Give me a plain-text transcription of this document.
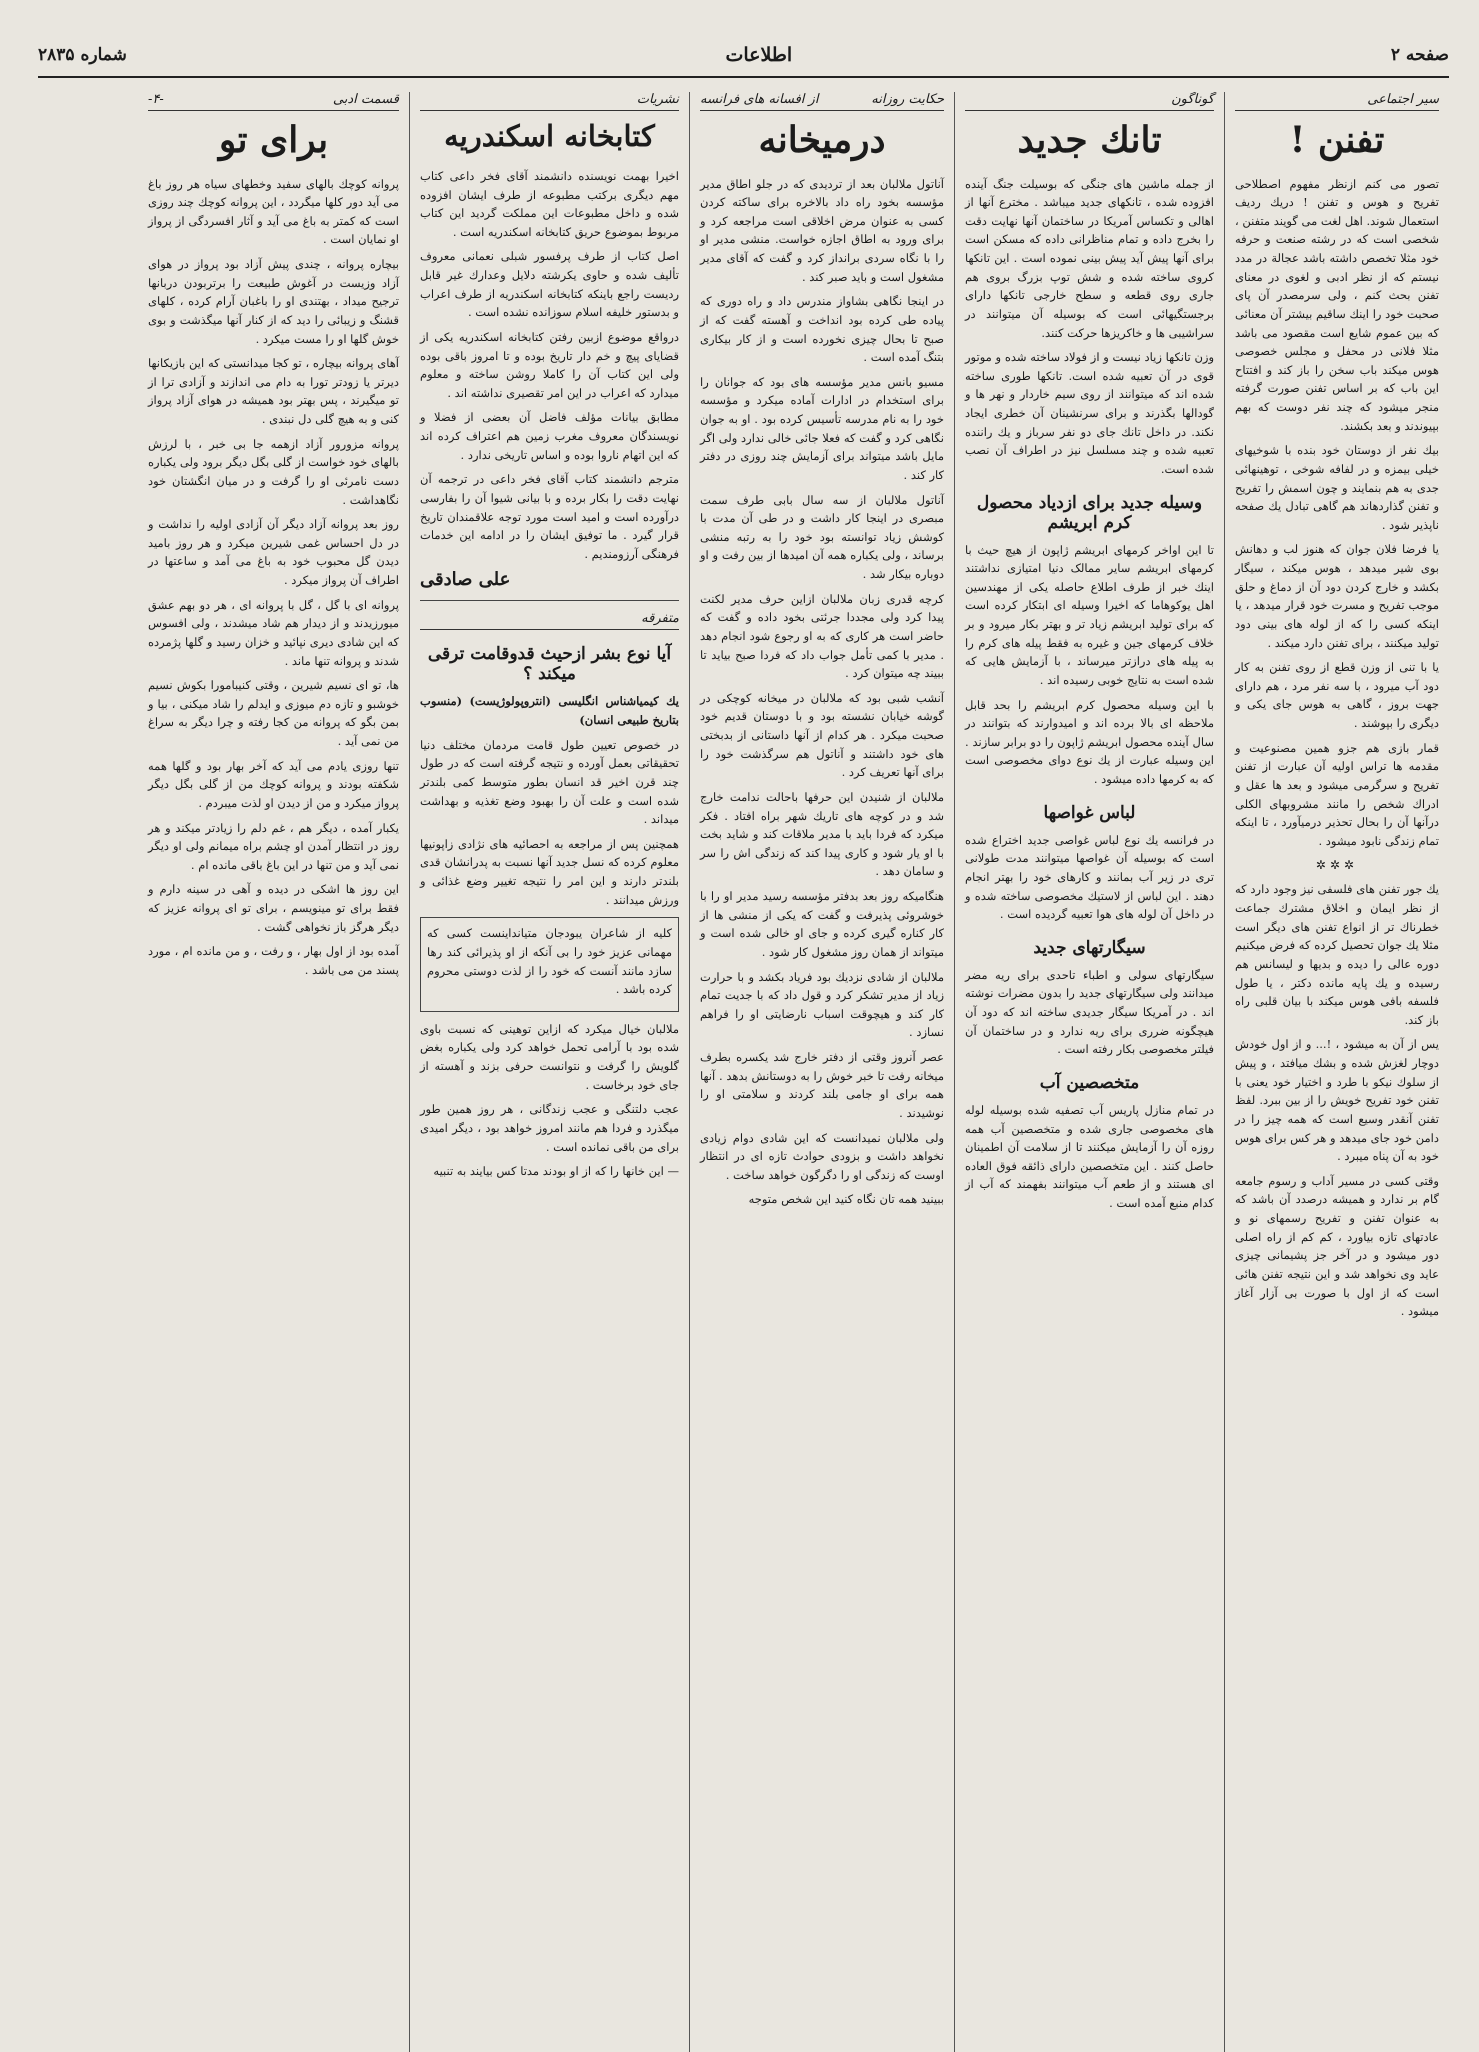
صفحه ۲
اطلاعات
شماره ۲۸۳۵
سیر اجتماعی
تفنن !

تصور می کنم ازنظر مفهوم اصطلاحی تفریح و هوس و تفنن ! دریك ردیف استعمال شوند. اهل لغت می گویند متفنن ، شخصی است که در رشته صنعت و حرفه خود مثلا تخصص داشته باشد عجالة در مدد نیستم که از نظر ادبی و لغوی در معنای تفنن بحث کنم ، ولی سرمصدر آن پای صحبت خود را اینك ساقیم بیشتر آن معنائی که بین عموم شایع است مقصود می باشد مثلا فلانی در محفل و مجلس خصوصی هوس میکند باب سخن را باز کند و افتتاح این باب که بر اساس تفنن صورت گرفته منجر میشود که چند نفر دوست که بهم بپیوندند و بعد بکشند.

بیك نفر از دوستان خود بنده با شوخیهای خیلی بیمزه و در لفافه شوخی ، توهینهائی جدی به هم بنمایند و چون اسمش را تفریح و تفنن گذاردهاند هم گاهی تبادل یك صفحه ناپذیر شود .

یا فرضا فلان جوان که هنوز لب و دهانش بوی شیر میدهد ، هوس میکند ، سیگار بکشد و خارج کردن دود آن از دماغ و حلق موجب تفریح و مسرت خود قرار میدهد ، یا اینکه کسی را که از لوله های بینی دود تولید میکنند ، برای تفنن دارد میکند .

یا با تنی از وزن قطع از روی تفنن به کار دود آب میرود ، با سه نفر مرد ، هم دارای جهت بروز ، گاهی به هوس جای یکی و دیگری را بپوشند .

قمار بازی هم جزو همین مصنوعیت و مقدمه ها تراس اولیه آن عبارت از تفنن تفریح و سرگرمی میشود و بعد ها عقل و ادراك شخص را مانند مشروبهای الکلی درآنها آن را بحال تحذیر درمیآورد ، تا اینکه تمام زندگی نابود میشود .

✲✲✲

یك جور تفنن های فلسفی نیز وجود دارد که از نظر ایمان و اخلاق مشترك جماعت خطرناك تر از انواع تفنن های دیگر است مثلا یك جوان تحصیل کرده که فرض میکنیم دوره عالی را دیده و بدیها و لیسانس هم رسیده و یك پایه مانده دکتر ، یا طول فلسفه بافی هوس میکند با بیان قلبی راه باز کند.

یس از آن به میشود ، !... و از اول خودش دوچار لغزش شده و بشك میافتد ، و پیش از سلوك نیکو با طرد و اختیار خود یعنی با تفنن خود تفریح خویش را از بین ببرد. لفظ تفنن آنقدر وسیع است که همه چیز را در دامن خود جای میدهد و هر کس برای هوس خود به آن پناه میبرد .

وقتی کسی در مسیر آداب و رسوم جامعه گام بر ندارد و همیشه درصدد آن باشد که به عنوان تفنن و تفریح رسمهای نو و عادتهای تازه بیاورد ، کم کم از راه اصلی دور میشود و در آخر جز پشیمانی چیزی عاید وی نخواهد شد و این نتیجه تفنن هائی است که از اول با صورت بی آزار آغاز میشود .

گوناگون
تانك جدید

از جمله ماشین های جنگی که بوسیلت جنگ آینده افزوده شده ، تانکهای جدید میباشد . مخترع آنها از اهالی و تکساس آمریکا در ساختمان آنها نهایت دقت را بخرج داده و تمام مناظرانی داده که مسکن است برای آنها پیش آید پیش بینی نموده است . این تانکها کروی ساخته شده و شش توپ بزرگ بروی هم جاری روی قطعه و سطح خارجی تانکها دارای برجستگیهائی است که بوسیله آن میتوانند در سراشیبی ها و خاکریزها حرکت کنند.

وزن تانکها زیاد نیست و از فولاد ساخته شده و موتور قوی در آن تعبیه شده است. تانکها طوری ساخته شده اند که میتوانند از روی سیم خاردار و نهر ها و گودالها بگذرند و برای سرنشینان آن خطری ایجاد نکند. در داخل تانك جای دو نفر سرباز و یك راننده تعبیه شده و چند مسلسل نیز در اطراف آن نصب شده است.

وسیله جدید برای ازدیاد محصول کرم ابریشم

تا این اواخر کرمهای ابریشم ژاپون از هیچ حیث با کرمهای ابریشم سایر ممالک دنیا امتیازی نداشتند اینك خبر از طرف اطلاع حاصله یکی از مهندسین اهل یوکوهاما که اخیرا وسیله ای ابتکار کرده است که برای تولید ابریشم زیاد تر و بهتر بکار میرود و بر خلاف کرمهای جین و غیره به فقط پیله های کرم را به پیله های درازتر میرساند ، با آزمایش هایی که شده است به نتایج خوبی رسیده اند .

با این وسیله محصول کرم ابریشم را بحد قابل ملاحظه ای بالا برده اند و امیدوارند که بتوانند در سال آینده محصول ابریشم ژاپون را دو برابر سازند . این وسیله عبارت از یك نوع دوای مخصوصی است که به کرمها داده میشود .

لباس غواصها

در فرانسه یك نوع لباس غواصی جدید اختراع شده است که بوسیله آن غواصها میتوانند مدت طولانی تری در زیر آب بمانند و کارهای خود را بهتر انجام دهند . این لباس از لاستیك مخصوصی ساخته شده و در داخل آن لوله های هوا تعبیه گردیده است .

سیگارتهای جدید

سیگارتهای سولی و اطباء تاحدی برای ریه مضر میدانند ولی سیگارتهای جدید را بدون مضرات نوشته اند . در آمریکا سیگار جدیدی ساخته اند که دود آن هیچگونه ضرری برای ریه ندارد و در ساختمان آن فیلتر مخصوصی بکار رفته است .

متخصصین آب

در تمام منازل پاریس آب تصفیه شده بوسیله لوله های مخصوصی جاری شده و متخصصین آب همه روزه آن را آزمایش میکنند تا از سلامت آن اطمینان حاصل کنند . این متخصصین دارای ذائقه فوق العاده ای هستند و از طعم آب میتوانند بفهمند که آب از کدام منبع آمده است .

حکایت روزانه
از افسانه های فرانسه
درمیخانه

آناتول ملالبان بعد از تردیدی که در جلو اطاق مدیر مؤسسه بخود راه داد بالاخره برای ساکته کردن کسی به عنوان مرض اخلاقی است مراجعه کرد و برای ورود به اطاق اجازه خواست. منشی مدیر او را با نگاه سردی برانداز کرد و گفت که آقای مدیر مشغول است و باید صبر کند .

در اینجا نگاهی بشاواز مندرس داد و راه دوری که پیاده طی کرده بود انداخت و آهسته گفت که از صبح تا بحال چیزی نخورده است و از کار بیکاری بتنگ آمده است .

مسیو بانس مدیر مؤسسه های بود که جوانان را برای استخدام در ادارات آماده میکرد و مؤسسه خود را به نام مدرسه تأسیس کرده بود . او به جوان نگاهی کرد و گفت که فعلا جائی خالی ندارد ولی اگر مایل باشد میتواند برای آزمایش چند روزی در دفتر کار کند .

آناتول ملالبان از سه سال بابی طرف سمت مبصری در اینجا کار داشت و در طی آن مدت با کوشش زیاد توانسته بود خود را به رتبه منشی برساند ، ولی یکباره همه آن امیدها از بین رفت و او دوباره بیکار شد .

کرچه قدری زبان ملالبان ازاین حرف مدیر لکنت پیدا کرد ولی مجددا جرئتی بخود داده و گفت که حاضر است هر کاری که به او رجوع شود انجام دهد . مدیر با کمی تأمل جواب داد که فردا صبح بیاید تا ببیند چه میتوان کرد .

آنشب شبی بود که ملالبان در میخانه کوچکی در گوشه خیابان نشسته بود و با دوستان قدیم خود صحبت میکرد . هر کدام از آنها داستانی از بدبختی های خود داشتند و آناتول هم سرگذشت خود را برای آنها تعریف کرد .

ملالبان از شنیدن این حرفها باحالت ندامت خارج شد و در کوچه های تاریك شهر براه افتاد . فکر میکرد که فردا باید با مدیر ملاقات کند و شاید بخت با او یار شود و کاری پیدا کند که زندگی اش را سر و سامان دهد .

هنگامیکه روز بعد بدفتر مؤسسه رسید مدیر او را با خوشروئی پذیرفت و گفت که یکی از منشی ها از کار کناره گیری کرده و جای او خالی شده است و میتواند از همان روز مشغول کار شود .

ملالبان از شادی نزدیك بود فریاد بکشد و با حرارت زیاد از مدیر تشکر کرد و قول داد که با جدیت تمام کار کند و هیچوقت اسباب نارضایتی او را فراهم نسازد .

عصر آنروز وقتی از دفتر خارج شد یکسره بطرف میخانه رفت تا خبر خوش را به دوستانش بدهد . آنها همه برای او جامی بلند کردند و سلامتی او را نوشیدند .

ولی ملالبان نمیدانست که این شادی دوام زیادی نخواهد داشت و بزودی حوادث تازه ای در انتظار اوست که زندگی او را دگرگون خواهد ساخت .

ببینید همه تان نگاه کنید این شخص متوجه

نشریات
کتابخانه اسکندریه

اخیرا بهمت نویسنده دانشمند آقای فخر داعی کتاب مهم دیگری برکتب مطبوعه از طرف ایشان افزوده شده و داخل مطبوعات این مملکت گردید این کتاب مربوط بموضوع حریق کتابخانه اسکندریه است .

اصل کتاب از طرف پرفسور شبلی نعمانی معروف تألیف شده و حاوی یکرشته دلایل وعدارك غیر قابل ردیست راجع باینکه کتابخانه اسکندریه از طرف اعراب و بدستور خلیفه اسلام سوزانده نشده است .

درواقع موضوع ازبین رفتن کتابخانه اسکندریه یکی از قضایای پیچ و خم دار تاریخ بوده و تا امروز باقی بوده ولی این کتاب آن را کاملا روشن ساخته و معلوم میدارد که اعراب در این امر تقصیری نداشته اند .

مطابق بیانات مؤلف فاضل آن بعضی از فضلا و نویسندگان معروف مغرب زمین هم اعتراف کرده اند که این اتهام ناروا بوده و اساس تاریخی ندارد .

مترجم دانشمند کتاب آقای فخر داعی در ترجمه آن نهایت دقت را بکار برده و با بیانی شیوا آن را بفارسی درآورده است و امید است مورد توجه علاقمندان تاریخ قرار گیرد . ما توفیق ایشان را در ادامه این خدمات فرهنگی آرزومندیم .

علی صادقی
متفرقه
آیا نوع بشر ازحیث قدوقامت ترقی میکند ؟

یك کیمیاشناس انگلیسی (انتروپولوژیست) (منسوب بتاریخ طبیعی انسان)

در خصوص تعیین طول قامت مردمان مختلف دنیا تحقیقاتی بعمل آورده و نتیجه گرفته است که در طول چند قرن اخیر قد انسان بطور متوسط کمی بلندتر شده است و علت آن را بهبود وضع تغذیه و بهداشت میداند .

همچنین پس از مراجعه به احصائیه های نژادی زاپونیها معلوم کرده که نسل جدید آنها نسبت به پدرانشان قدی بلندتر دارند و این امر را نتیجه تغییر وضع غذائی و ورزش میدانند .

کلیه از شاعران یبودجان متیانداینست کسی که مهمانی عزیز خود را بی آنکه از او پذیرائی کند رها سازد مانند آنست که خود را از لذت دوستی محروم کرده باشد .

ملالبان خیال میکرد که ازاین توهینی که نسبت باوی شده بود با آرامی تحمل خواهد کرد ولی یکباره بغض گلویش را گرفت و نتوانست حرفی بزند و آهسته از جای خود برخاست .

عجب دلتنگی و عجب زندگانی ، هر روز همین طور میگذرد و فردا هم مانند امروز خواهد بود ، دیگر امیدی برای من باقی نمانده است .

— این خانها را که از او بودند مدتا کس بیایند به تنبیه

قسمت ادبی
-۴-
برای تو

پروانه کوچك بالهای سفید وخطهای سیاه هر روز باغ می آید دور کلها میگردد ، این پروانه کوچك چند روزی است که کمتر به باغ می آید و آثار افسردگی از پرواز او نمایان است .

بیچاره پروانه ، چندی پیش آزاد بود پرواز در هوای آزاد وزیست در آغوش طبیعت را برتربودن دربانها ترجیح میداد ، بهتندی او را باغبان آرام کرده ، کلهای قشنگ و زیبائی را دید که از کنار آنها میگذشت و بوی خوش گلها او را مست میکرد .

آهای پروانه بیچاره ، تو کجا میدانستی که این بازیکانها دیرتر یا زودتر تورا به دام می اندازند و آزادی ترا از تو میگیرند ، پس بهتر بود همیشه در هوای آزاد پرواز کنی و به هیچ گلی دل نبندی .

پروانه مزورور آزاد ازهمه جا بی خبر ، با لرزش بالهای خود خواست از گلی بگل دیگر برود ولی یکباره دست نامرئی او را گرفت و در میان انگشتان خود نگاهداشت .

روز بعد پروانه آزاد دیگر آن آزادی اولیه را نداشت و در دل احساس غمی شیرین میکرد و هر روز بامید دیدن گل محبوب خود به باغ می آمد و ساعتها در اطراف آن پرواز میکرد .

پروانه ای با گل ، گل با پروانه ای ، هر دو بهم عشق میورزیدند و از دیدار هم شاد میشدند ، ولی افسوس که این شادی دیری نپائید و خزان رسید و گلها پژمرده شدند و پروانه تنها ماند .

ها، تو ای نسیم شیرین ، وقتی کنیبامورا بکوش نسیم خوشبو و تازه دم میوزی و ایدلم را شاد میکنی ، بیا و بمن بگو که پروانه من کجا رفته و چرا دیگر به سراغ من نمی آید .

تنها روزی یادم می آید که آخر بهار بود و گلها همه شکفته بودند و پروانه کوچك من از گلی بگل دیگر پرواز میکرد و من از دیدن او لذت میبردم .

یکبار آمده ، دیگر هم ، غم دلم را زیادتر میکند و هر روز در انتظار آمدن او چشم براه میمانم ولی او دیگر نمی آید و من تنها در این باغ باقی مانده ام .

این روز ها اشکی در دیده و آهی در سینه دارم و فقط برای تو مینویسم ، برای تو ای پروانه عزیز که دیگر هرگز باز نخواهی گشت .

آمده بود از اول بهار ، و رفت ، و من مانده ام ، مورد پسند من می باشد .
